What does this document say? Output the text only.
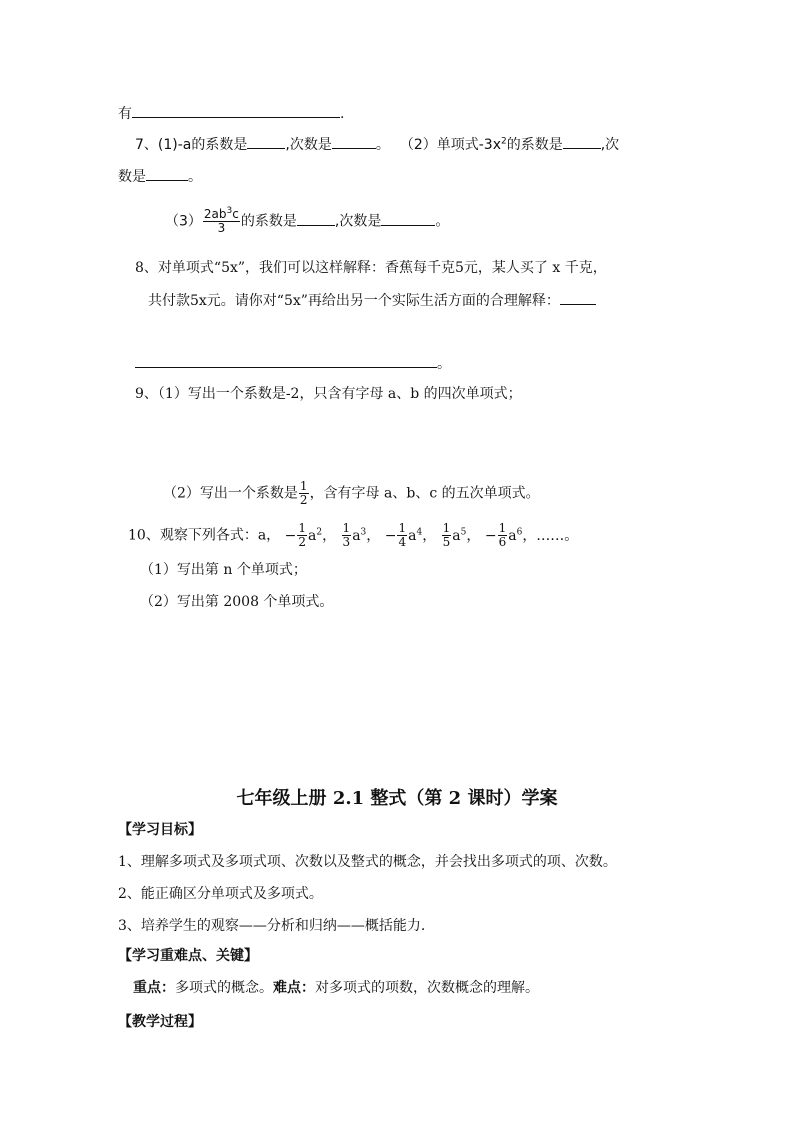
有	.
7、(1)-a的系数是	,次数是	。 （2）单项式$-3x^2$的系数是	,次
数是	。
$(3) \frac{2ab^3c}{3}$ 的系数是	,次数是	。
8、对单项式“5x”，我们可以这样解释：香蕉每千克5元，某人买了 x 千克，
共付款5x元。请你对“5x”再给出另一个实际生活方面的合理解释：
。
9、（1）写出一个系数是-2，只含有字母 a、b 的四次单项式；
（2）写出一个系数是 $\frac{1}{2}$ ，含有字母 a、b、c 的五次单项式。
10、观察下列各式：a， − $\frac{1}{2} a^2$， $\frac{1}{3} a^3$， − $\frac{1}{4} a^4$， $\frac{1}{5} a^5$， − $\frac{1}{6} a^6$，……。
（1）写出第 n 个单项式；
（2）写出第 2008 个单项式。
七年级上册 2.1 整式（第 2 课时）学案
【学习目标】
1、理解多项式及多项式项、次数以及整式的概念，并会找出多项式的项、次数。
2、能正确区分单项式及多项式。
3、培养学生的观察——分析和归纳——概括能力.
【学习重难点、关键】
重点：多项式的概念。难点：对多项式的项数，次数概念的理解。
【教学过程】
